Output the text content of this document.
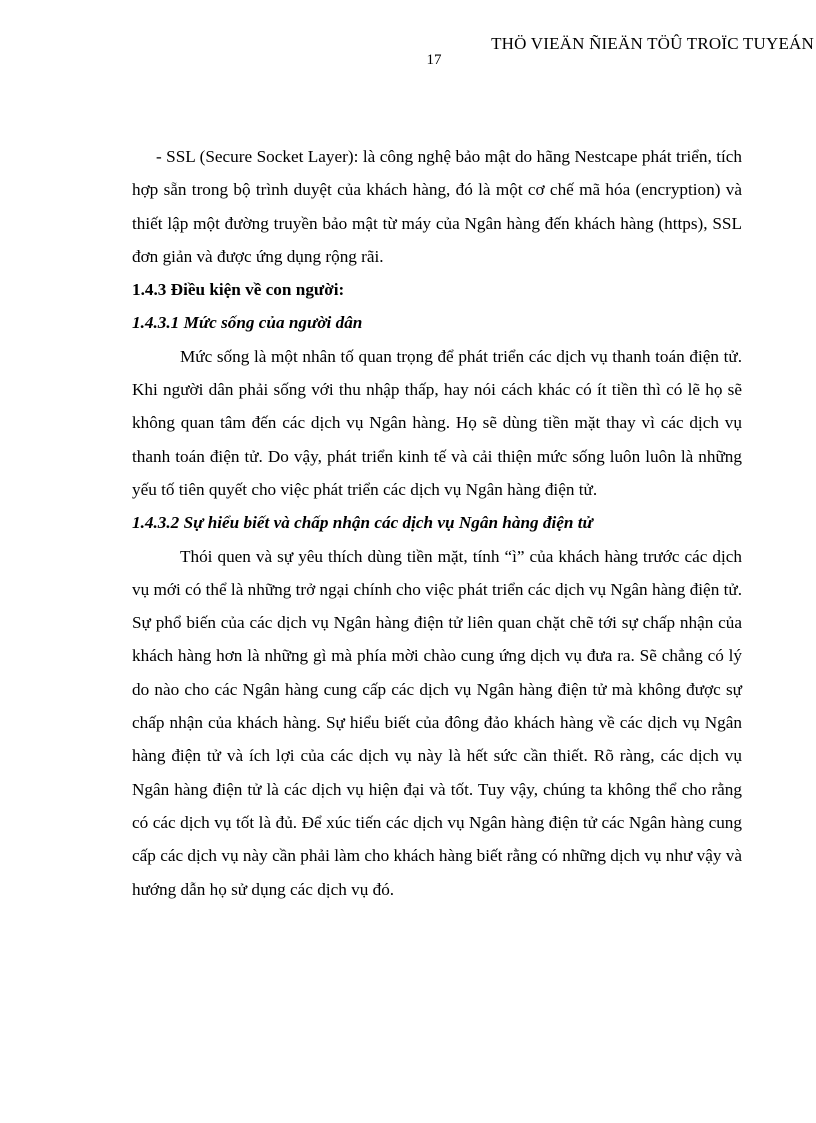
THÖ VIEÄN ÑIEÄN TÖÛ TROÏC TUYEÁN
17

- SSL (Secure Socket Layer): là công nghệ bảo mật do hãng Nestcape phát triển, tích hợp sẵn trong bộ trình duyệt của khách hàng, đó là một cơ chế mã hóa (encryption) và thiết lập một đường truyền bảo mật từ máy của Ngân hàng đến khách hàng (https), SSL đơn giản và được ứng dụng rộng rãi.

1.4.3 Điều kiện về con người:

1.4.3.1 Mức sống của người dân

Mức sống là một nhân tố quan trọng để phát triển các dịch vụ thanh toán điện tử. Khi người dân phải sống với thu nhập thấp, hay nói cách khác có ít tiền thì có lẽ họ sẽ không quan tâm đến các dịch vụ Ngân hàng. Họ sẽ dùng tiền mặt thay vì các dịch vụ thanh toán điện tử. Do vậy, phát triển kinh tế và cải thiện mức sống luôn luôn là những yếu tố tiên quyết cho việc phát triển các dịch vụ Ngân hàng điện tử.

1.4.3.2 Sự hiểu biết và chấp nhận các dịch vụ Ngân hàng điện tử

Thói quen và sự yêu thích dùng tiền mặt, tính “ì” của khách hàng trước các dịch vụ mới có thể là những trở ngại chính cho việc phát triển các dịch vụ Ngân hàng điện tử. Sự phổ biến của các dịch vụ Ngân hàng điện tử liên quan chặt chẽ tới sự chấp nhận của khách hàng hơn là những gì mà phía mời chào cung ứng dịch vụ đưa ra. Sẽ chẳng có lý do nào cho các Ngân hàng cung cấp các dịch vụ Ngân hàng điện tử mà không được sự chấp nhận của khách hàng. Sự hiểu biết của đông đảo khách hàng về các dịch vụ Ngân hàng điện tử và ích lợi của các dịch vụ này là hết sức cần thiết. Rõ ràng, các dịch vụ Ngân hàng điện tử là các dịch vụ hiện đại và tốt. Tuy vậy, chúng ta không thể cho rằng có các dịch vụ tốt là đủ. Để xúc tiến các dịch vụ Ngân hàng điện tử các Ngân hàng cung cấp các dịch vụ này cần phải làm cho khách hàng biết rằng có những dịch vụ như vậy và hướng dẫn họ sử dụng các dịch vụ đó.
